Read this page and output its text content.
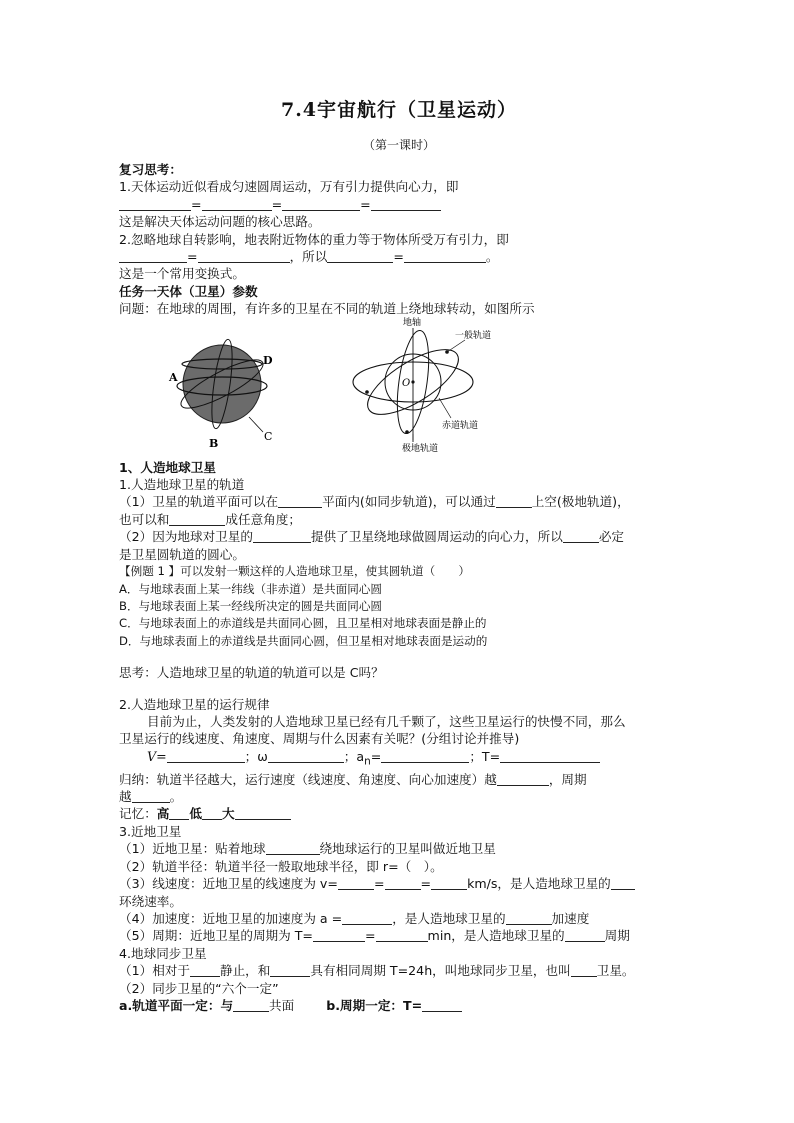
7.4宇宙航行（卫星运动）
（第一课时）
复习思考：
1.天体运动近似看成匀速圆周运动，万有引力提供向心力，即
=	=	=
这是解决天体运动问题的核心思路。
2.忽略地球自转影响，地表附近物体的重力等于物体所受万有引力，即
=	，所以	=	。
这是一个常用变换式。
任务一天体（卫星）参数
问题：在地球的周围，有许多的卫星在不同的轨道上绕地球转动，如图所示
A
D
B
C
地轴
一般轨道
O
赤道轨道
极地轨道
1、人造地球卫星
1.人造地球卫星的轨道
（1）卫星的轨道平面可以在	平面内(如同步轨道)，可以通过	上空(极地轨道)，
也可以和	成任意角度；
（2）因为地球对卫星的	提供了卫星绕地球做圆周运动的向心力，所以	必定
是卫星圆轨道的圆心。
【例题 1 】可以发射一颗这样的人造地球卫星，使其圆轨道（　　）
A．与地球表面上某一纬线（非赤道）是共面同心圆
B．与地球表面上某一经线所决定的圆是共面同心圆
C．与地球表面上的赤道线是共面同心圆，且卫星相对地球表面是静止的
D．与地球表面上的赤道线是共面同心圆，但卫星相对地球表面是运动的
思考：人造地球卫星的轨道的轨道可以是 C吗？
2.人造地球卫星的运行规律
目前为止，人类发射的人造地球卫星已经有几千颗了，这些卫星运行的快慢不同，那么
卫星运行的线速度、角速度、周期与什么因素有关呢？(分组讨论并推导)
V=	；ω	；$a_n=$	；T=
归纳：轨道半径越大，运行速度（线速度、角速度、向心加速度）越	，周期
越	。
记忆：高 低 大
3.近地卫星
（1）近地卫星：贴着地球	绕地球运行的卫星叫做近地卫星
（2）轨道半径：轨道半径一般取地球半径，即 r=（　）。
（3）线速度：近地卫星的线速度为 v=	=	=	km/s，是人造地球卫星的
环绕速率。
（4）加速度：近地卫星的加速度为 a =	，是人造地球卫星的	加速度
（5）周期：近地卫星的周期为 T=	=	min，是人造地球卫星的	周期
4.地球同步卫星
（1）相对于 静止，和	具有相同周期 T=24h，叫地球同步卫星，也叫 卫星。
（2）同步卫星的“六个一定”
a.轨道平面一定：与	共面	b.周期一定：T=
